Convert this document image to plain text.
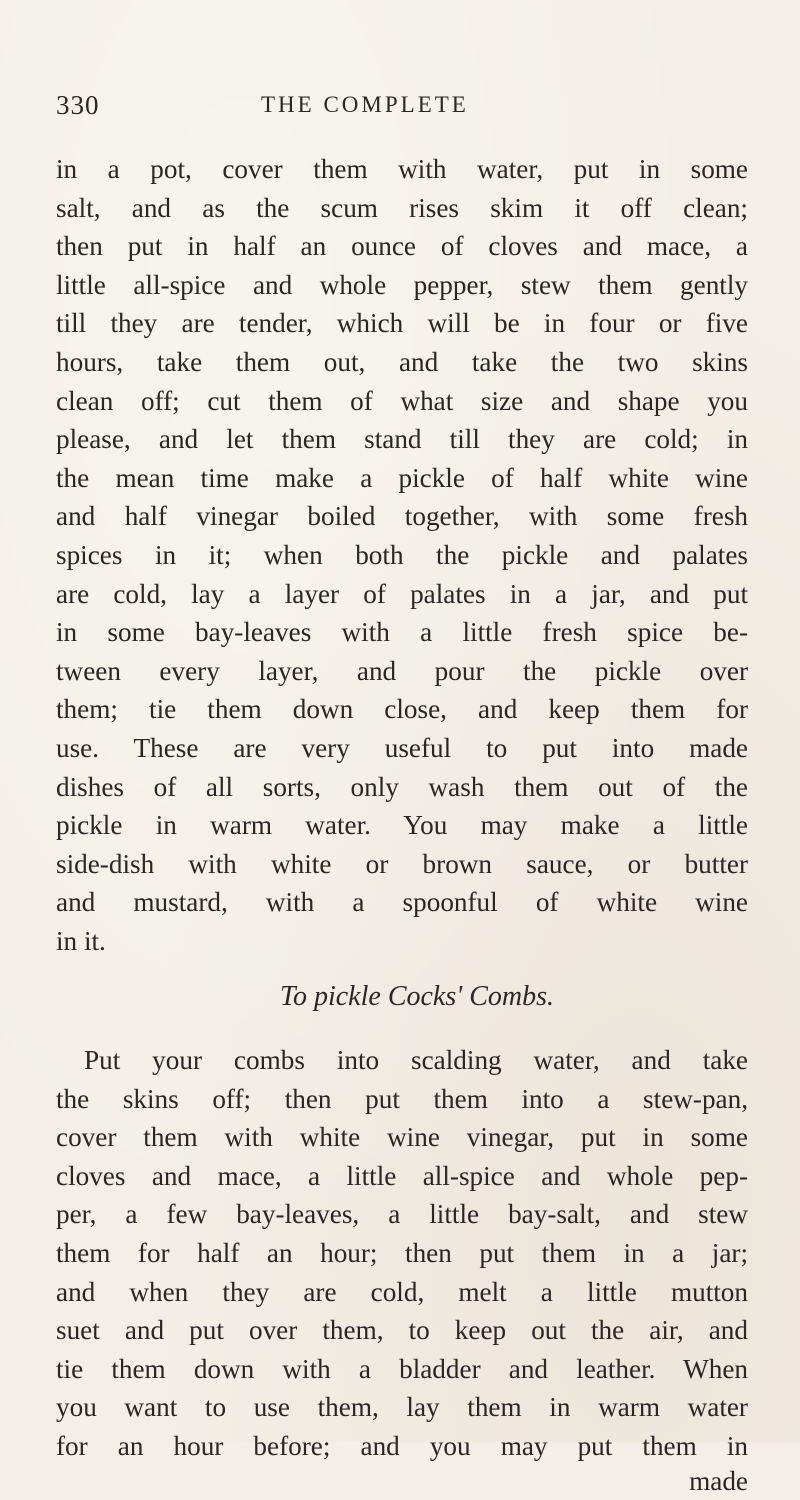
330	THE COMPLETE
in a pot, cover them with water, put in some
salt, and as the scum rises skim it off clean;
then put in half an ounce of cloves and mace, a
little all-spice and whole pepper, stew them gently
till they are tender, which will be in four or five
hours, take them out, and take the two skins
clean off; cut them of what size and shape you
please, and let them stand till they are cold; in
the mean time make a pickle of half white wine
and half vinegar boiled together, with some fresh
spices in it; when both the pickle and palates
are cold, lay a layer of palates in a jar, and put
in some bay-leaves with a little fresh spice be-
tween every layer, and pour the pickle over
them; tie them down close, and keep them for
use. These are very useful to put into made
dishes of all sorts, only wash them out of the
pickle in warm water. You may make a little
side-dish with white or brown sauce, or butter
and mustard, with a spoonful of white wine
in it.
To pickle Cocks' Combs.
Put your combs into scalding water, and take
the skins off; then put them into a stew-pan,
cover them with white wine vinegar, put in some
cloves and mace, a little all-spice and whole pep-
per, a few bay-leaves, a little bay-salt, and stew
them for half an hour; then put them in a jar;
and when they are cold, melt a little mutton
suet and put over them, to keep out the air, and
tie them down with a bladder and leather. When
you want to use them, lay them in warm water
for an hour before; and you may put them in
made
